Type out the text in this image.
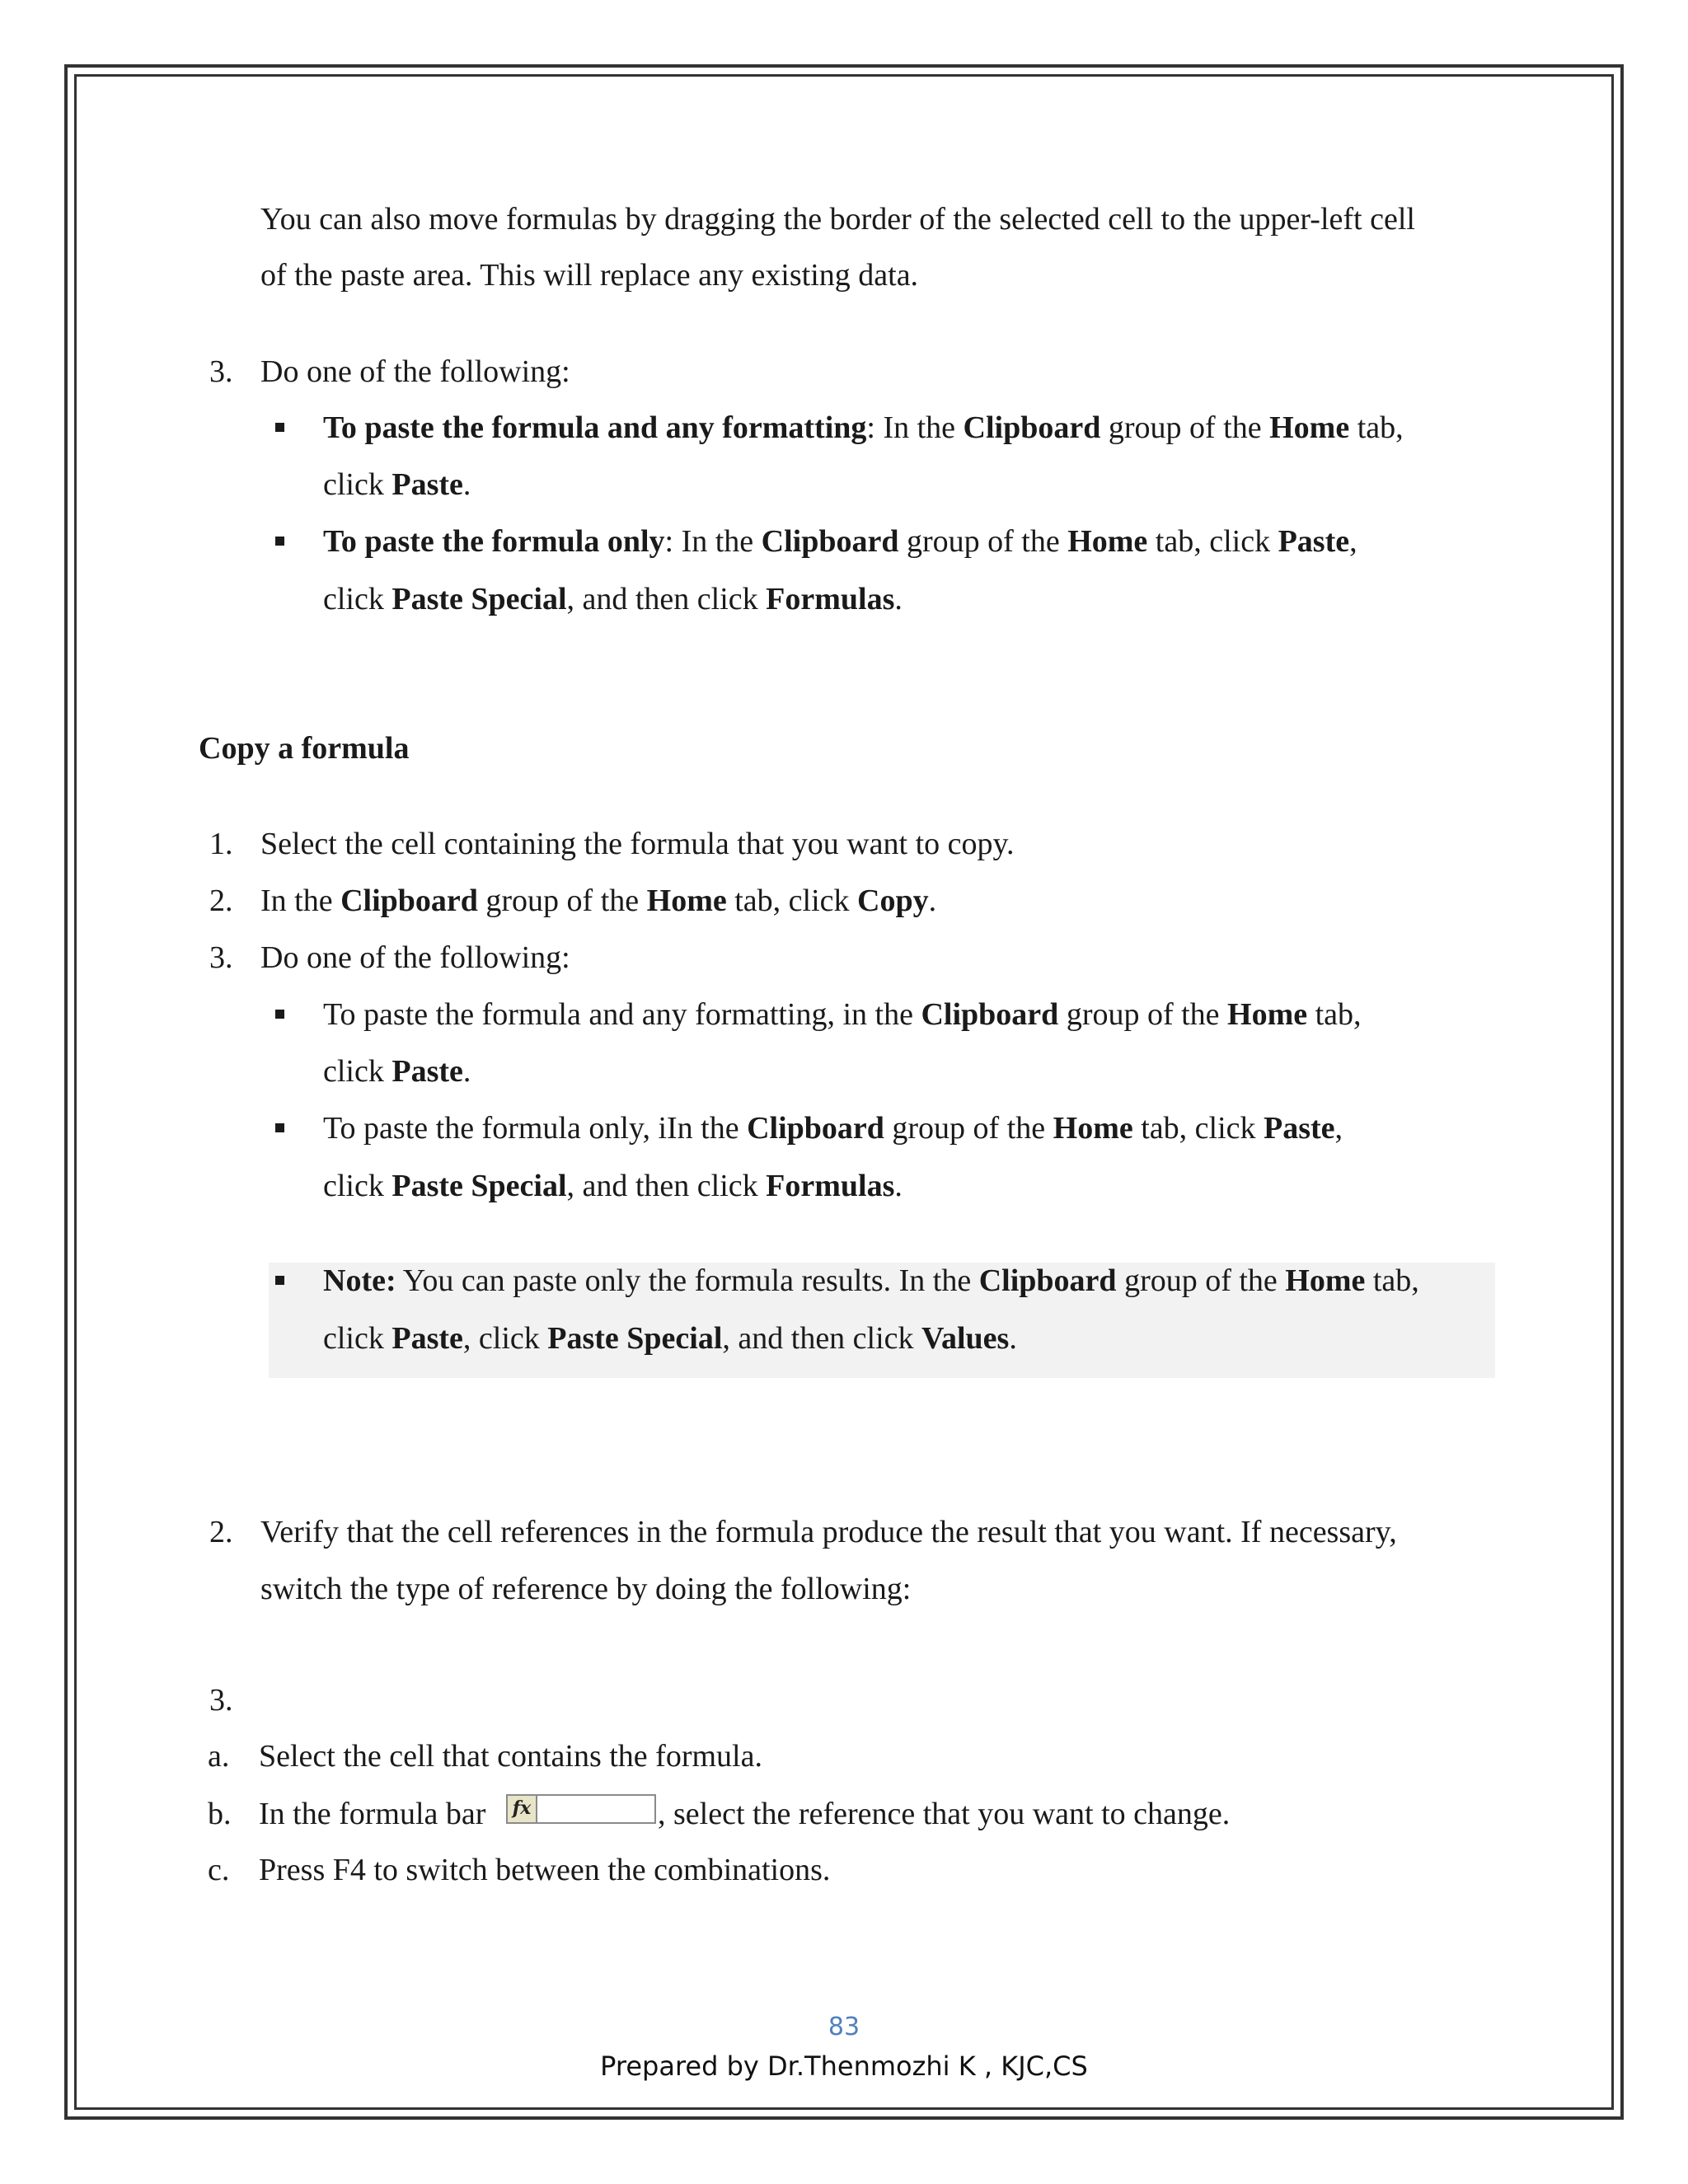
You can also move formulas by dragging the border of the selected cell to the upper-left cell
of the paste area. This will replace any existing data.
3. Do one of the following:
To paste the formula and any formatting: In the Clipboard group of the Home tab,
click Paste.
To paste the formula only: In the Clipboard group of the Home tab, click Paste,
click Paste Special, and then click Formulas.
Copy a formula
1. Select the cell containing the formula that you want to copy.
2. In the Clipboard group of the Home tab, click Copy.
3. Do one of the following:
To paste the formula and any formatting, in the Clipboard group of the Home tab,
click Paste.
To paste the formula only, iIn the Clipboard group of the Home tab, click Paste,
click Paste Special, and then click Formulas.
Note: You can paste only the formula results. In the Clipboard group of the Home tab,
click Paste, click Paste Special, and then click Values.
2. Verify that the cell references in the formula produce the result that you want. If necessary,
switch the type of reference by doing the following:
3.
a. Select the cell that contains the formula.
b. In the formula bar fx	, select the reference that you want to change.
c. Press F4 to switch between the combinations.
83
Prepared by Dr.Thenmozhi K , KJC,CS
